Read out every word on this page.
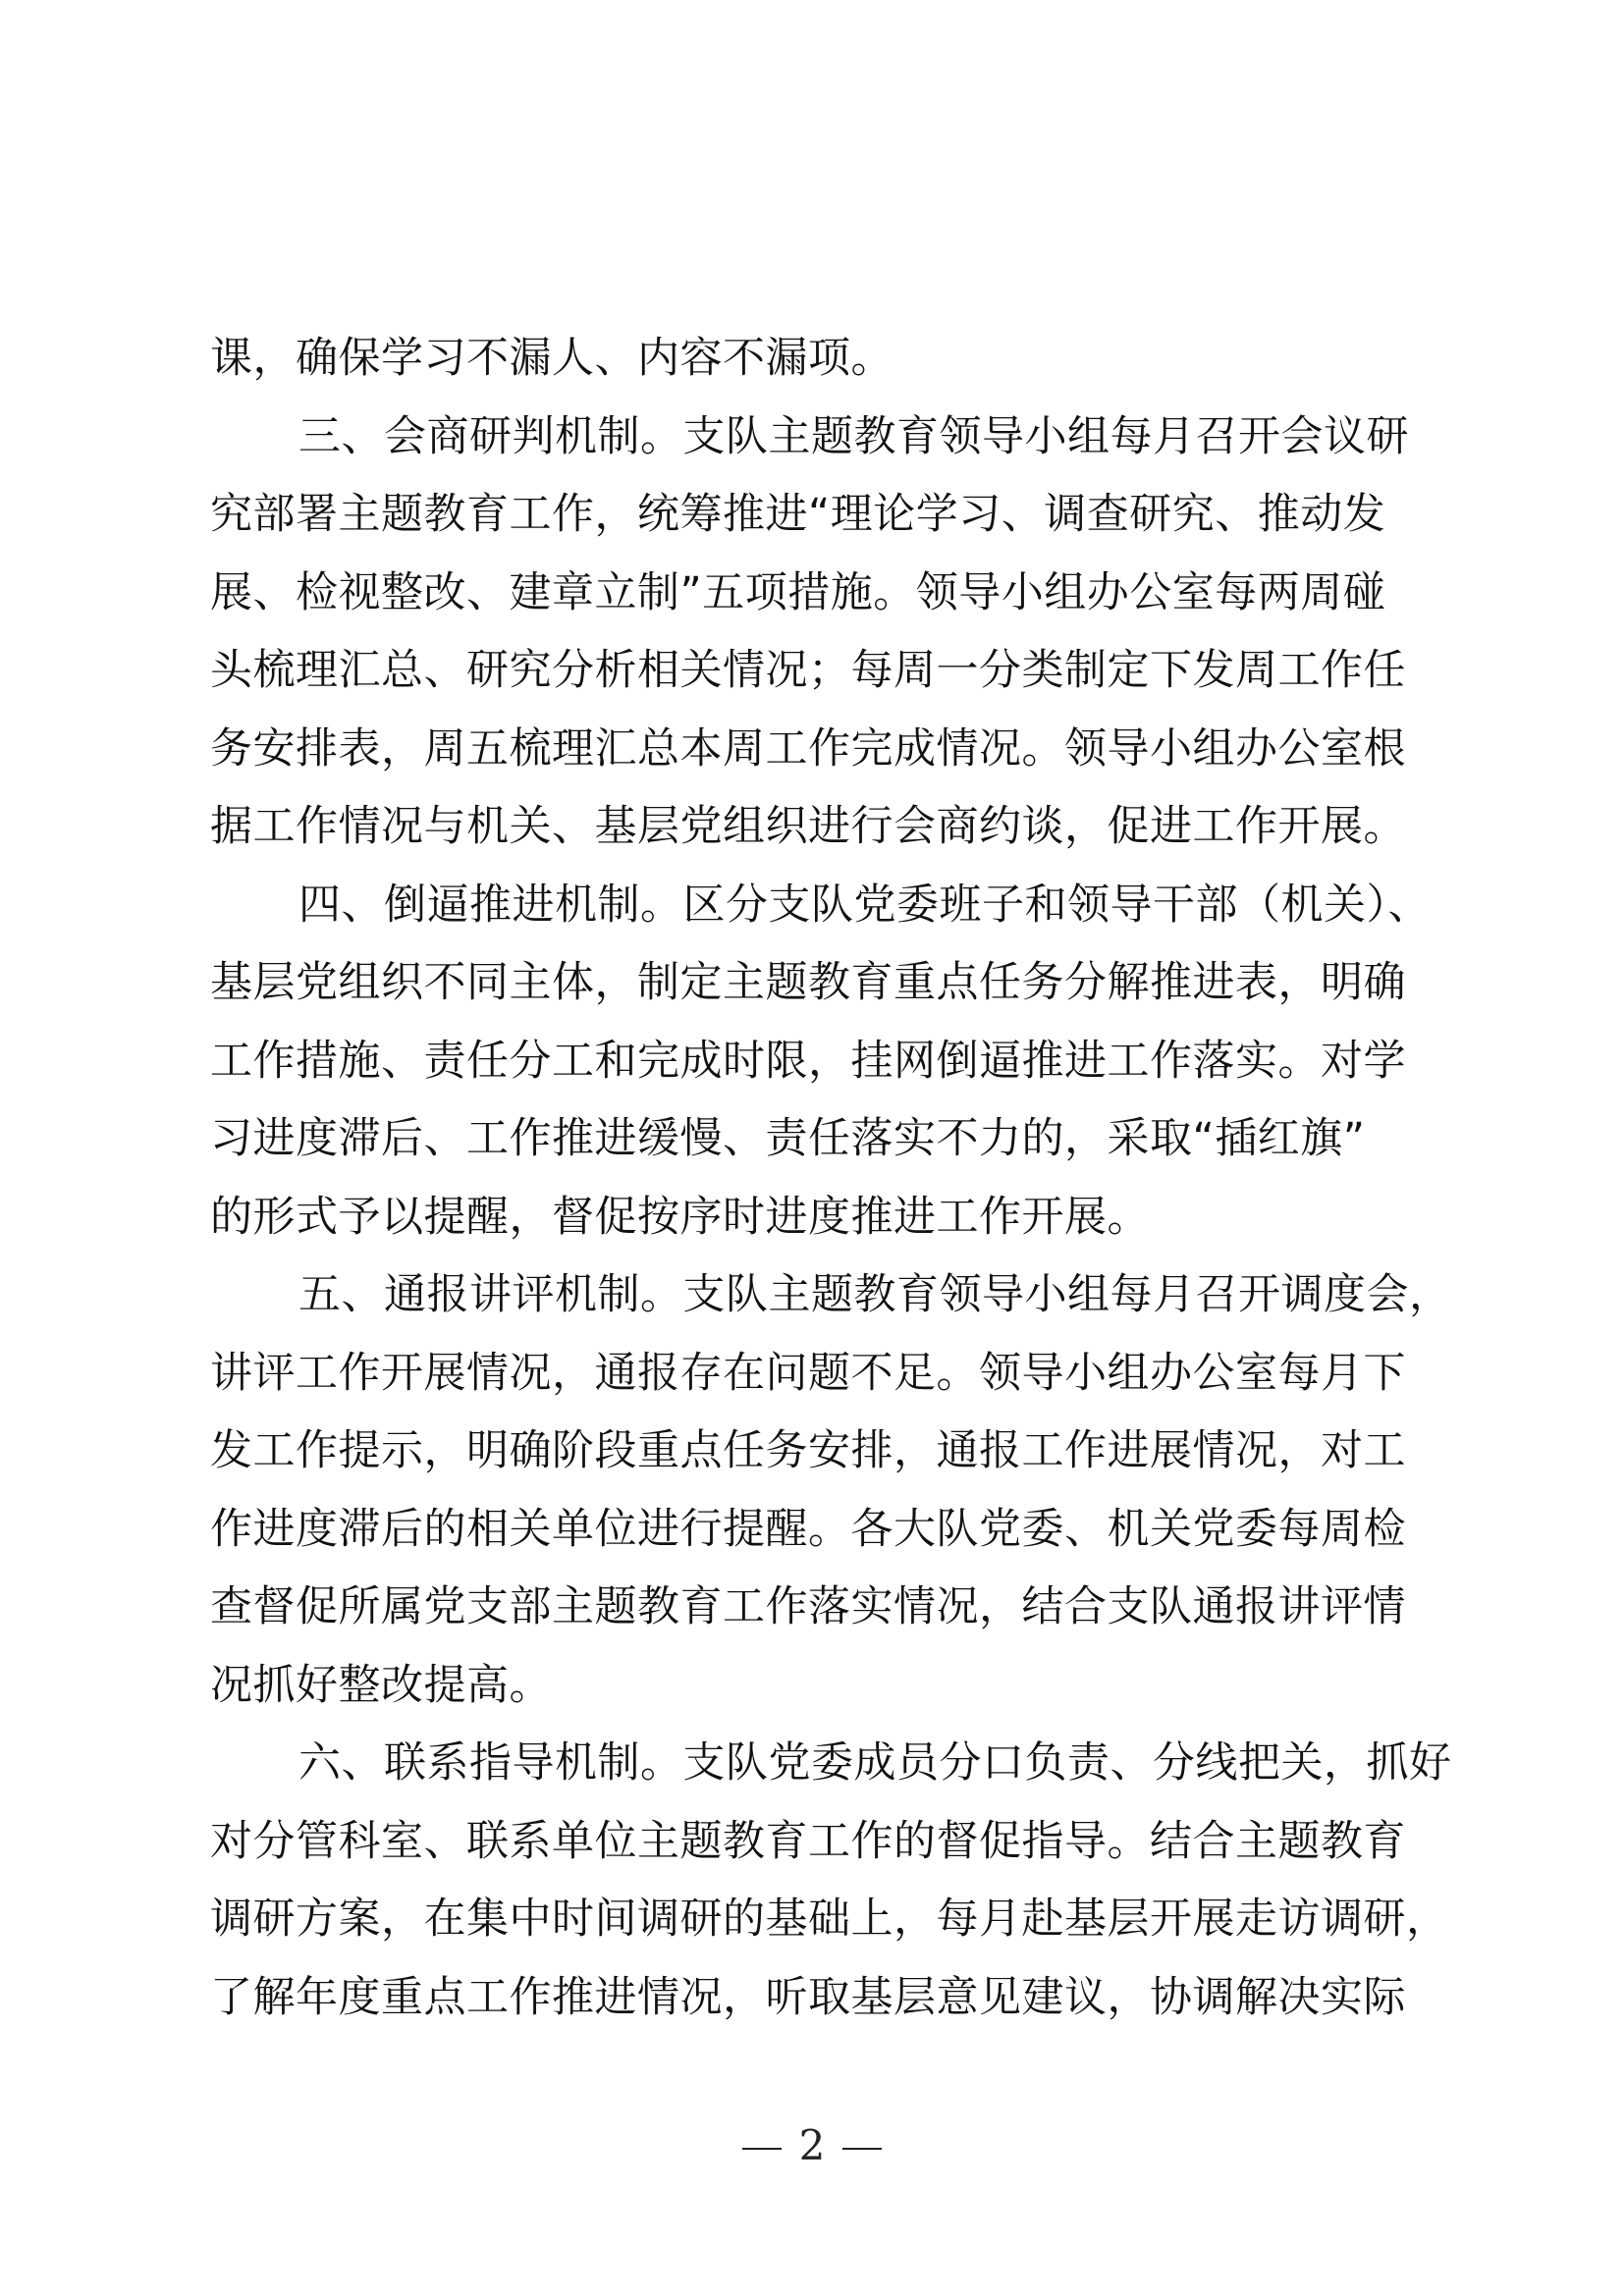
课，确保学习不漏人、内容不漏项。
三、会商研判机制。支队主题教育领导小组每月召开会议研
究部署主题教育工作，统筹推进“理论学习、调查研究、推动发
展、检视整改、建章立制”五项措施。领导小组办公室每两周碰
头梳理汇总、研究分析相关情况；每周一分类制定下发周工作任
务安排表，周五梳理汇总本周工作完成情况。领导小组办公室根
据工作情况与机关、基层党组织进行会商约谈，促进工作开展。
四、倒逼推进机制。区分支队党委班子和领导干部（机关）、
基层党组织不同主体，制定主题教育重点任务分解推进表，明确
工作措施、责任分工和完成时限，挂网倒逼推进工作落实。对学
习进度滞后、工作推进缓慢、责任落实不力的，采取“插红旗”
的形式予以提醒，督促按序时进度推进工作开展。
五、通报讲评机制。支队主题教育领导小组每月召开调度会，
讲评工作开展情况，通报存在问题不足。领导小组办公室每月下
发工作提示，明确阶段重点任务安排，通报工作进展情况，对工
作进度滞后的相关单位进行提醒。各大队党委、机关党委每周检
查督促所属党支部主题教育工作落实情况，结合支队通报讲评情
况抓好整改提高。
六、联系指导机制。支队党委成员分口负责、分线把关，抓好
对分管科室、联系单位主题教育工作的督促指导。结合主题教育
调研方案，在集中时间调研的基础上，每月赴基层开展走访调研，
了解年度重点工作推进情况，听取基层意见建议，协调解决实际
2
